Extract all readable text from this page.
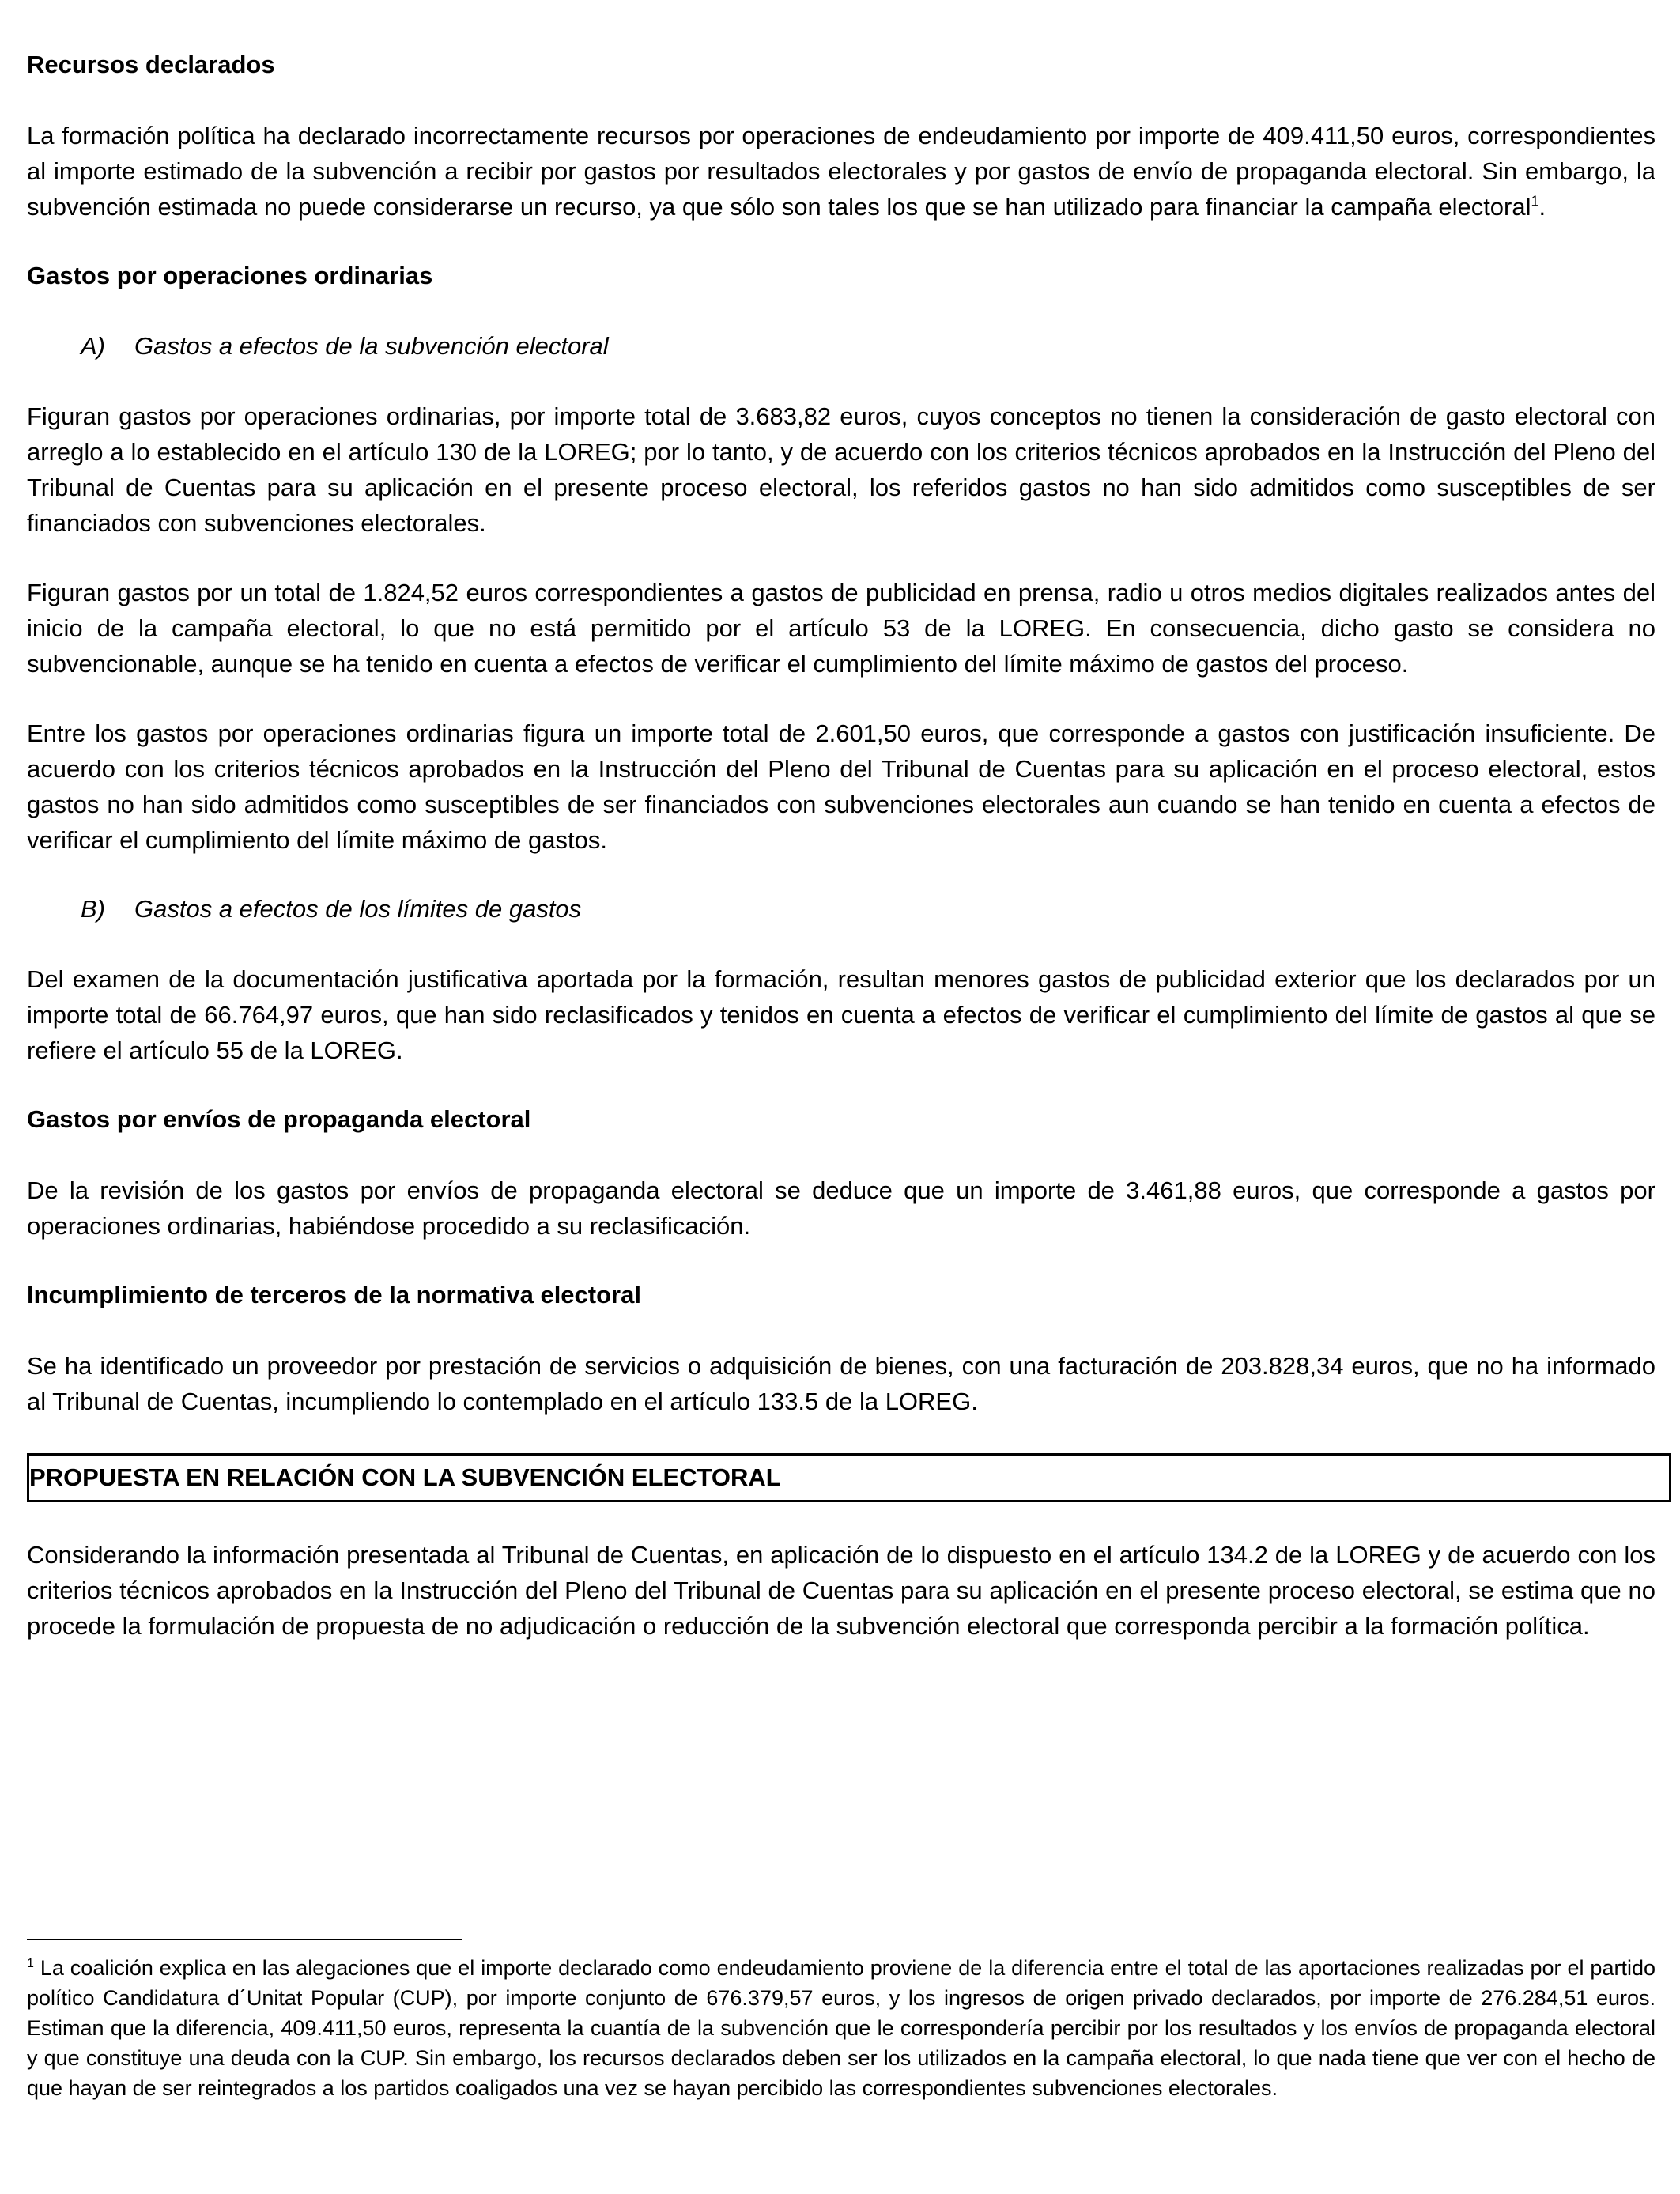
Recursos declarados
La formación política ha declarado incorrectamente recursos por operaciones de endeudamiento por importe de 409.411,50 euros, correspondientes al importe estimado de la subvención a recibir por gastos por resultados electorales y por gastos de envío de propaganda electoral. Sin embargo, la subvención estimada no puede considerarse un recurso, ya que sólo son tales los que se han utilizado para financiar la campaña electoral$^1$.
Gastos por operaciones ordinarias
A)	Gastos a efectos de la subvención electoral
Figuran gastos por operaciones ordinarias, por importe total de 3.683,82 euros, cuyos conceptos no tienen la consideración de gasto electoral con arreglo a lo establecido en el artículo 130 de la LOREG; por lo tanto, y de acuerdo con los criterios técnicos aprobados en la Instrucción del Pleno del Tribunal de Cuentas para su aplicación en el presente proceso electoral, los referidos gastos no han sido admitidos como susceptibles de ser financiados con subvenciones electorales.
Figuran gastos por un total de 1.824,52 euros correspondientes a gastos de publicidad en prensa, radio u otros medios digitales realizados antes del inicio de la campaña electoral, lo que no está permitido por el artículo 53 de la LOREG. En consecuencia, dicho gasto se considera no subvencionable, aunque se ha tenido en cuenta a efectos de verificar el cumplimiento del límite máximo de gastos del proceso.
Entre los gastos por operaciones ordinarias figura un importe total de 2.601,50 euros, que corresponde a gastos con justificación insuficiente. De acuerdo con los criterios técnicos aprobados en la Instrucción del Pleno del Tribunal de Cuentas para su aplicación en el proceso electoral, estos gastos no han sido admitidos como susceptibles de ser financiados con subvenciones electorales aun cuando se han tenido en cuenta a efectos de verificar el cumplimiento del límite máximo de gastos.
B)	Gastos a efectos de los límites de gastos
Del examen de la documentación justificativa aportada por la formación, resultan menores gastos de publicidad exterior que los declarados por un importe total de 66.764,97 euros, que han sido reclasificados y tenidos en cuenta a efectos de verificar el cumplimiento del límite de gastos al que se refiere el artículo 55 de la LOREG.
Gastos por envíos de propaganda electoral
De la revisión de los gastos por envíos de propaganda electoral se deduce que un importe de 3.461,88 euros, que corresponde a gastos por operaciones ordinarias, habiéndose procedido a su reclasificación.
Incumplimiento de terceros de la normativa electoral
Se ha identificado un proveedor por prestación de servicios o adquisición de bienes, con una facturación de 203.828,34 euros, que no ha informado al Tribunal de Cuentas, incumpliendo lo contemplado en el artículo 133.5 de la LOREG.
PROPUESTA EN RELACIÓN CON LA SUBVENCIÓN ELECTORAL
Considerando la información presentada al Tribunal de Cuentas, en aplicación de lo dispuesto en el artículo 134.2 de la LOREG y de acuerdo con los criterios técnicos aprobados en la Instrucción del Pleno del Tribunal de Cuentas para su aplicación en el presente proceso electoral, se estima que no procede la formulación de propuesta de no adjudicación o reducción de la subvención electoral que corresponda percibir a la formación política.
$^1$ La coalición explica en las alegaciones que el importe declarado como endeudamiento proviene de la diferencia entre el total de las aportaciones realizadas por el partido político Candidatura d´Unitat Popular (CUP), por importe conjunto de 676.379,57 euros, y los ingresos de origen privado declarados, por importe de 276.284,51 euros. Estiman que la diferencia, 409.411,50 euros, representa la cuantía de la subvención que le correspondería percibir por los resultados y los envíos de propaganda electoral y que constituye una deuda con la CUP. Sin embargo, los recursos declarados deben ser los utilizados en la campaña electoral, lo que nada tiene que ver con el hecho de que hayan de ser reintegrados a los partidos coaligados una vez se hayan percibido las correspondientes subvenciones electorales.
